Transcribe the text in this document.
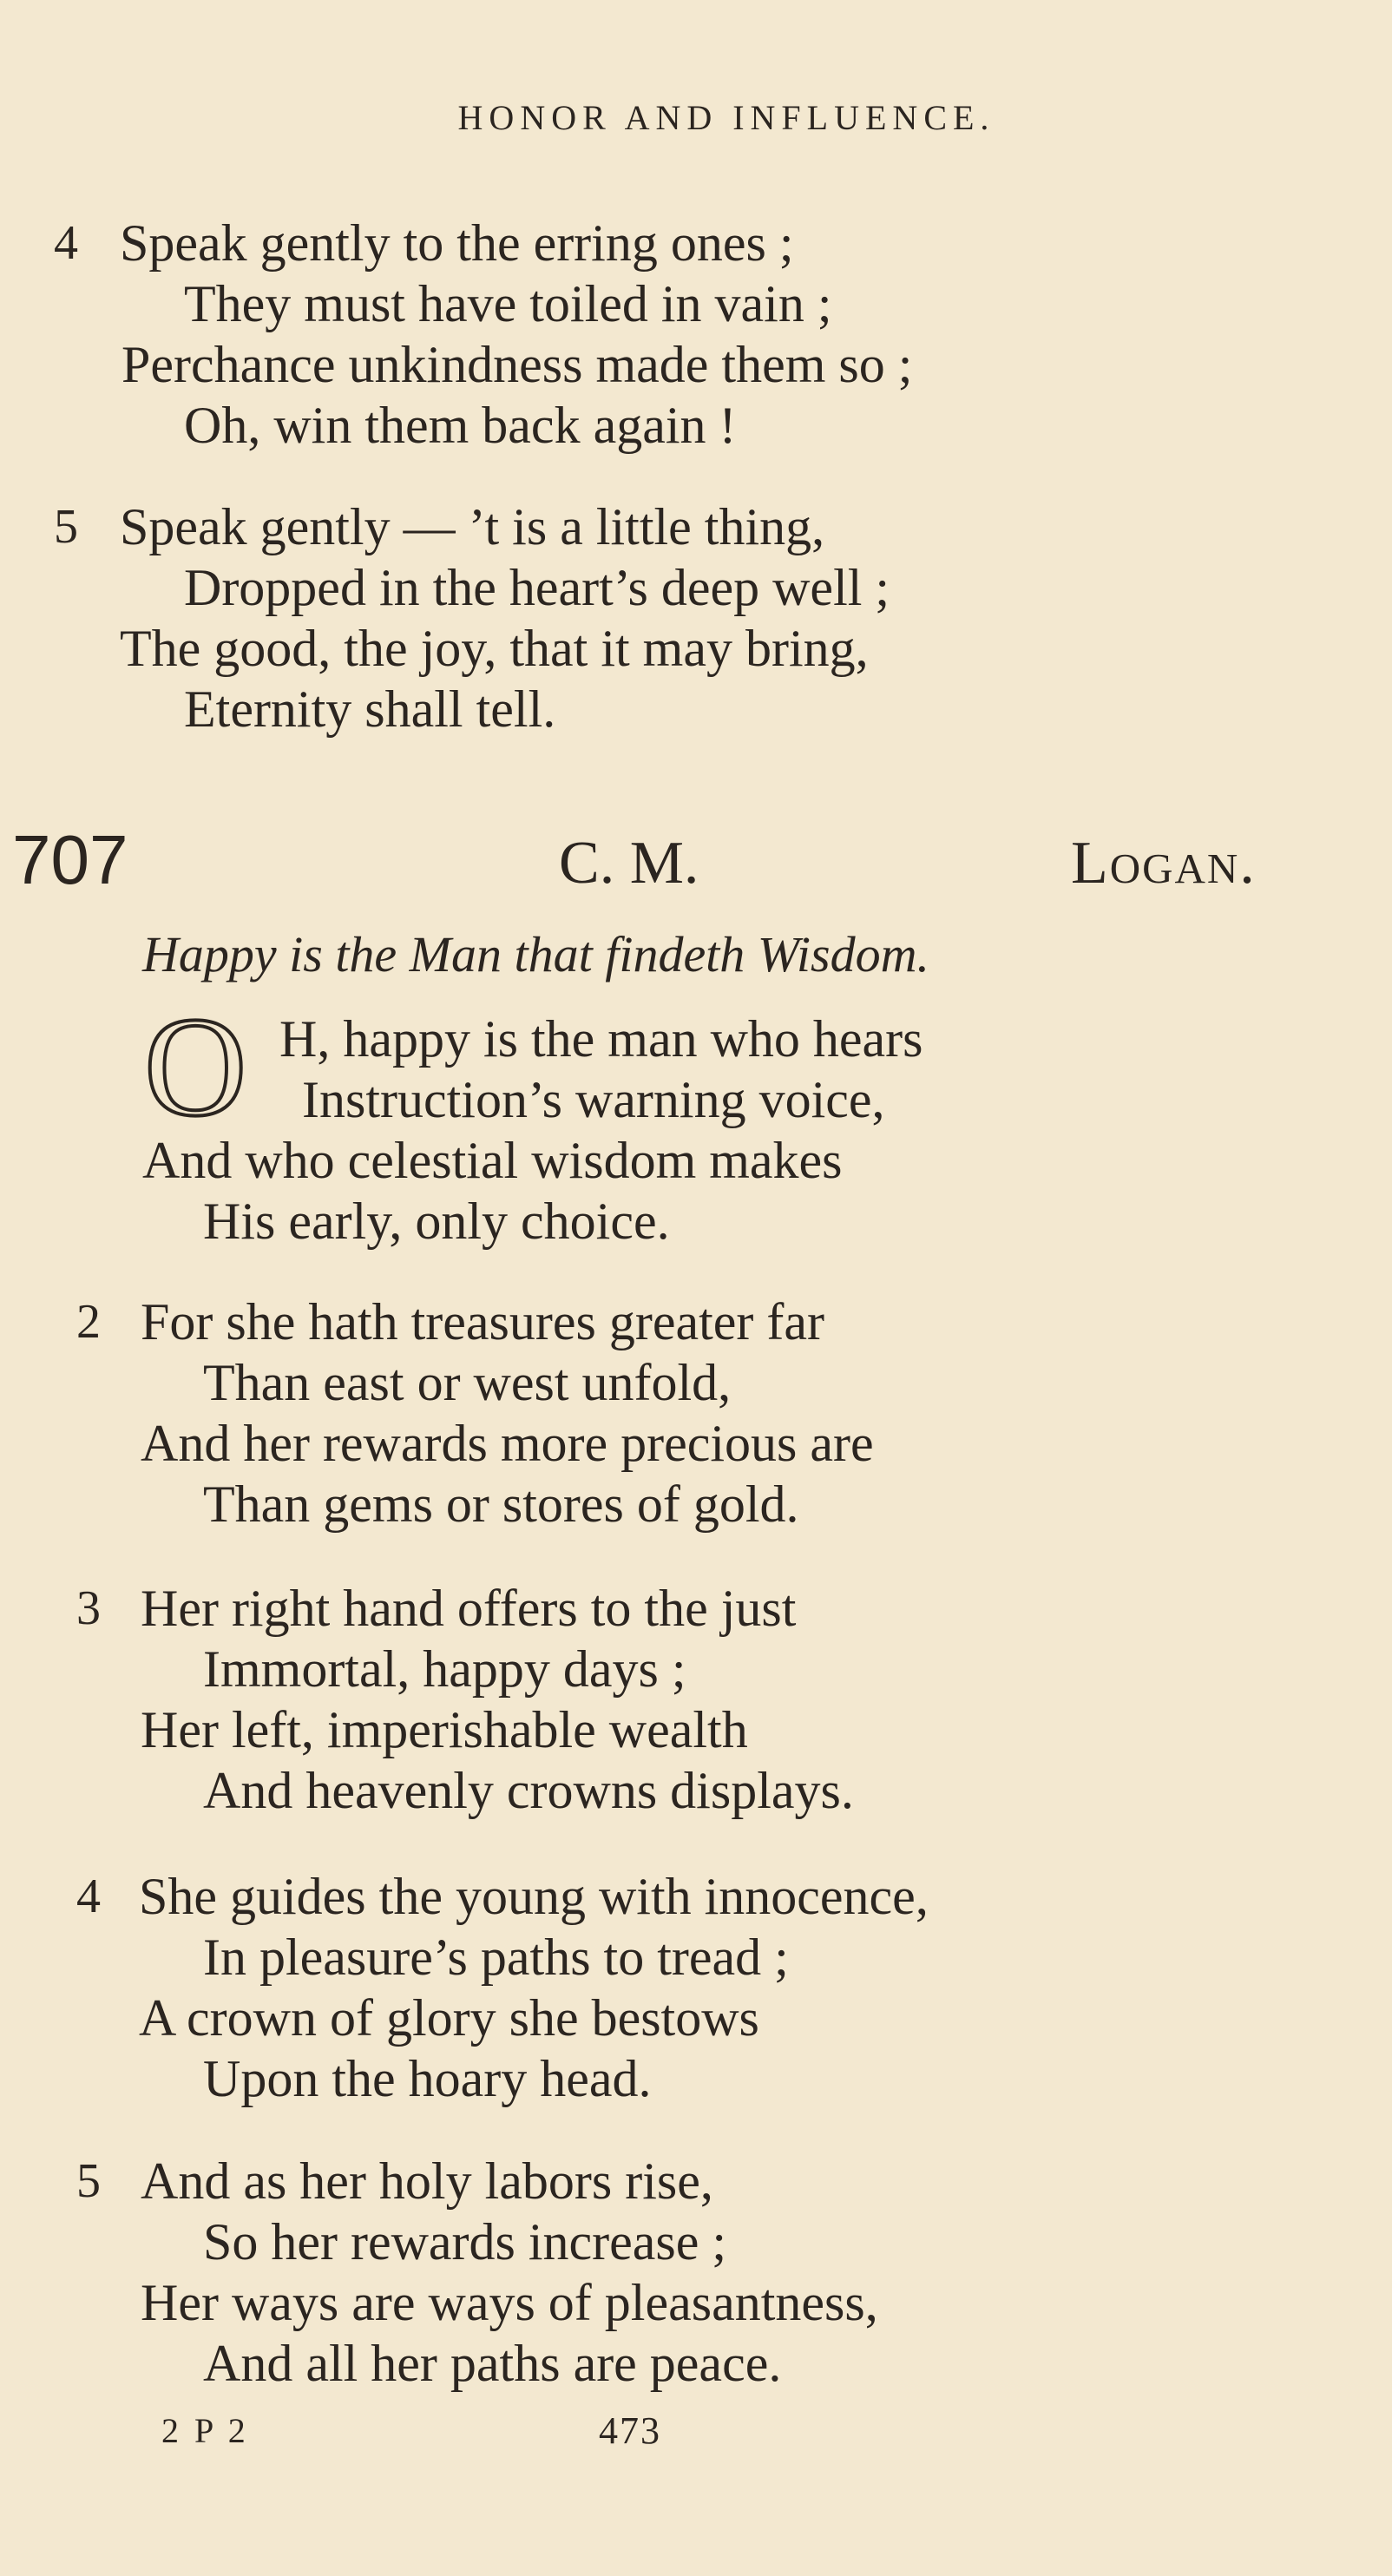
HONOR AND INFLUENCE.
4 Speak gently to the erring ones ;
They must have toiled in vain ;
Perchance unkindness made them so ;
Oh, win them back again !
5 Speak gently — ’t is a little thing,
Dropped in the heart’s deep well ;
The good, the joy, that it may bring,
Eternity shall tell.
707	C. M.	Logan.
Happy is the Man that findeth Wisdom.
O H, happy is the man who hears
Instruction’s warning voice,
And who celestial wisdom makes
His early, only choice.
2 For she hath treasures greater far
Than east or west unfold,
And her rewards more precious are
Than gems or stores of gold.
3 Her right hand offers to the just
Immortal, happy days ;
Her left, imperishable wealth
And heavenly crowns displays.
4 She guides the young with innocence,
In pleasure’s paths to tread ;
A crown of glory she bestows
Upon the hoary head.
5 And as her holy labors rise,
So her rewards increase ;
Her ways are ways of pleasantness,
And all her paths are peace.
2 P 2	473
